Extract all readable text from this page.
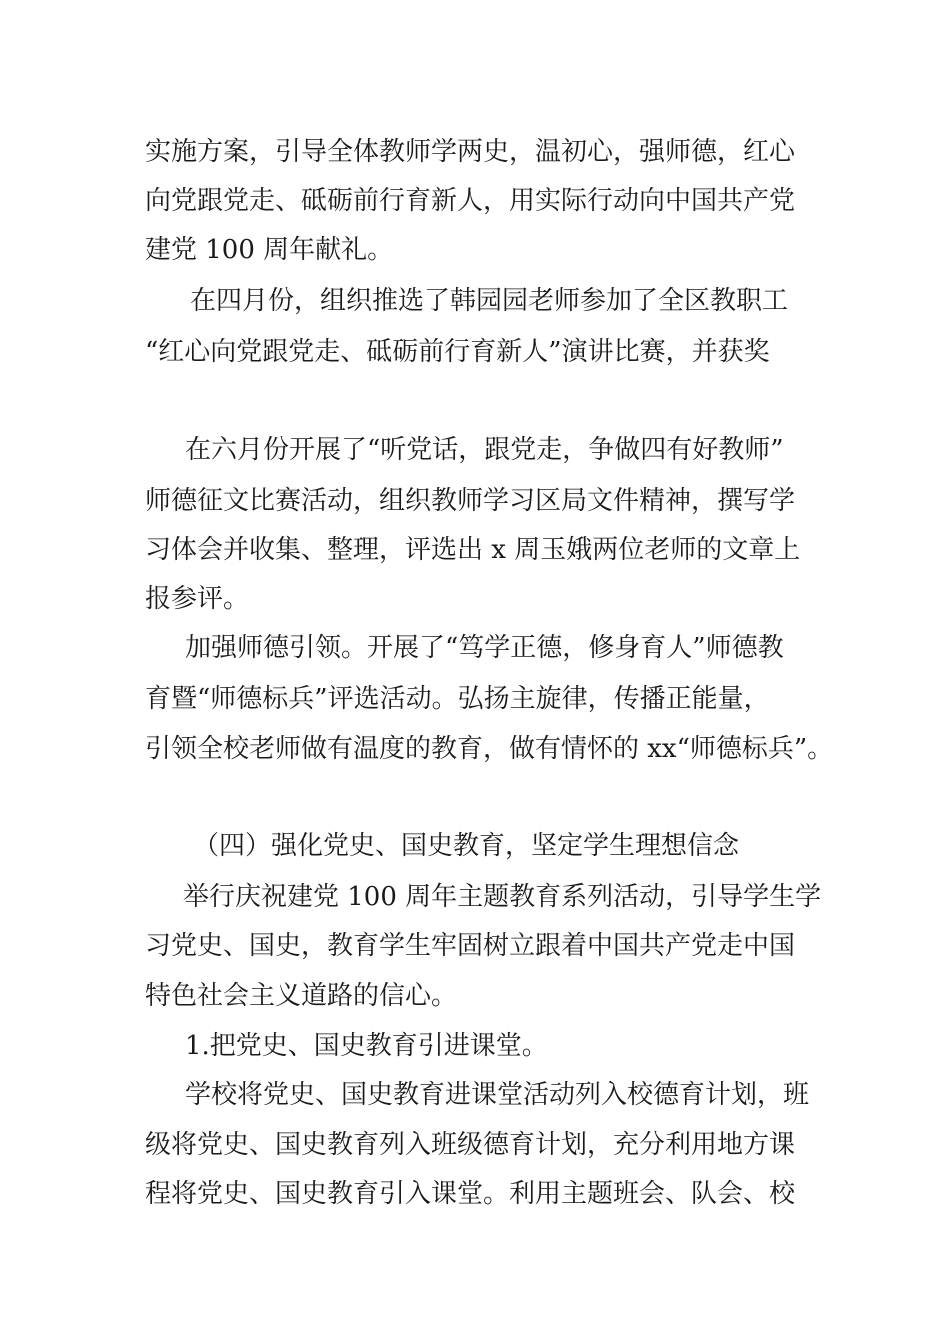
实施方案，引导全体教师学两史，温初心，强师德，红心
向党跟党走、砥砺前行育新人，用实际行动向中国共产党
建党 100 周年献礼。
在四月份，组织推选了韩园园老师参加了全区教职工
“红心向党跟党走、砥砺前行育新人”演讲比赛，并获奖
在六月份开展了“听党话，跟党走，争做四有好教师”
师德征文比赛活动，组织教师学习区局文件精神，撰写学
习体会并收集、整理，评选出 x 周玉娥两位老师的文章上
报参评。
加强师德引领。开展了“笃学正德，修身育人”师德教
育暨“师德标兵”评选活动。弘扬主旋律，传播正能量，
引领全校老师做有温度的教育，做有情怀的 xx“师德标兵”。
（四）强化党史、国史教育，坚定学生理想信念
举行庆祝建党 100 周年主题教育系列活动，引导学生学
习党史、国史，教育学生牢固树立跟着中国共产党走中国
特色社会主义道路的信心。
1.把党史、国史教育引进课堂。
学校将党史、国史教育进课堂活动列入校德育计划，班
级将党史、国史教育列入班级德育计划，充分利用地方课
程将党史、国史教育引入课堂。利用主题班会、队会、校
